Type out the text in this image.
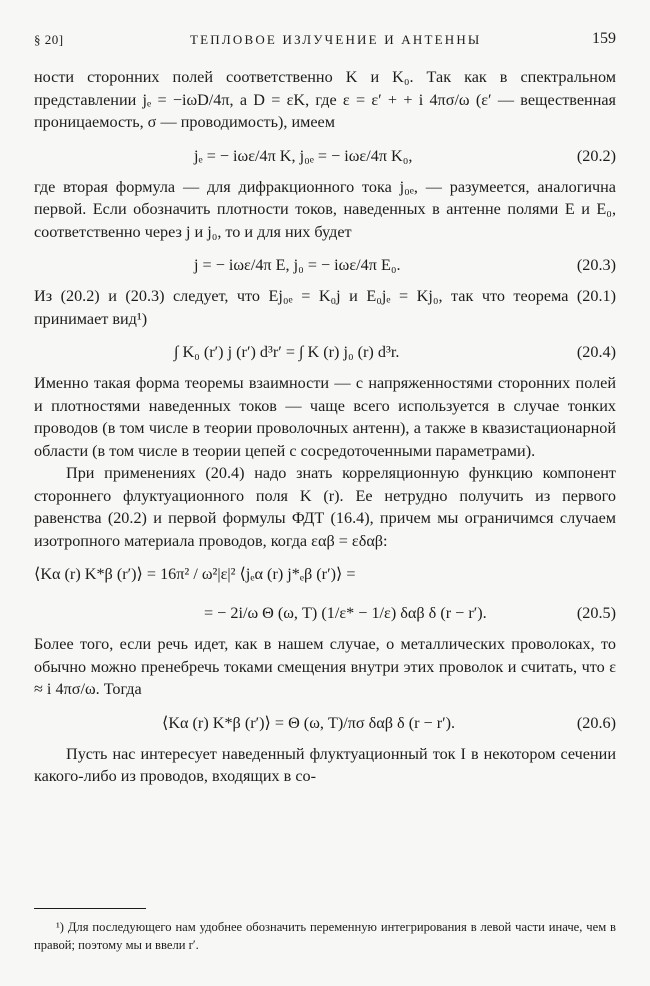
§ 20]	ТЕПЛОВОЕ ИЗЛУЧЕНИЕ И АНТЕННЫ	159

ности сторонних полей соответственно K и K₀. Так как в спектральном представлении jₑ = −iωD/4π, а D = εK, где ε = ε′ + + i 4πσ/ω (ε′ — вещественная проницаемость, σ — проводимость), имеем

jₑ = − iωε/4π K, j₀ₑ = − iωε/4π K₀,	(20.2)

где вторая формула — для дифракционного тока j₀ₑ, — разумеется, аналогична первой. Если обозначить плотности токов, наведенных в антенне полями E и E₀, соответственно через j и j₀, то и для них будет

j = − iωε/4π E, j₀ = − iωε/4π E₀.	(20.3)

Из (20.2) и (20.3) следует, что Ej₀ₑ = K₀j и E₀jₑ = Kj₀, так что теорема (20.1) принимает вид¹)

∫ K₀ (r′) j (r′) d³r′ = ∫ K (r) j₀ (r) d³r.	(20.4)

Именно такая форма теоремы взаимности — с напряженностями сторонних полей и плотностями наведенных токов — чаще всего используется в случае тонких проводов (в том числе в теории проволочных антенн), а также в квазистационарной области (в том числе в теории цепей с сосредоточенными параметрами).

При применениях (20.4) надо знать корреляционную функцию компонент стороннего флуктуационного поля K (r). Ее нетрудно получить из первого равенства (20.2) и первой формулы ФДТ (16.4), причем мы ограничимся случаем изотропного материала проводов, когда εαβ = εδαβ:

⟨Kα (r) K*β (r′)⟩ = 16π² / ω²|ε|² ⟨jₑα (r) j*ₑβ (r′)⟩ =
= − 2i/ω Θ (ω, T) (1/ε* − 1/ε) δαβ δ (r − r′).	(20.5)

Более того, если речь идет, как в нашем случае, о металлических проволоках, то обычно можно пренебречь токами смещения внутри этих проволок и считать, что ε ≈ i 4πσ/ω. Тогда

⟨Kα (r) K*β (r′)⟩ = Θ (ω, T)/πσ δαβ δ (r − r′).	(20.6)

Пусть нас интересует наведенный флуктуационный ток I в некотором сечении какого-либо из проводов, входящих в со-

¹) Для последующего нам удобнее обозначить переменную интегрирования в левой части иначе, чем в правой; поэтому мы и ввели r′.
